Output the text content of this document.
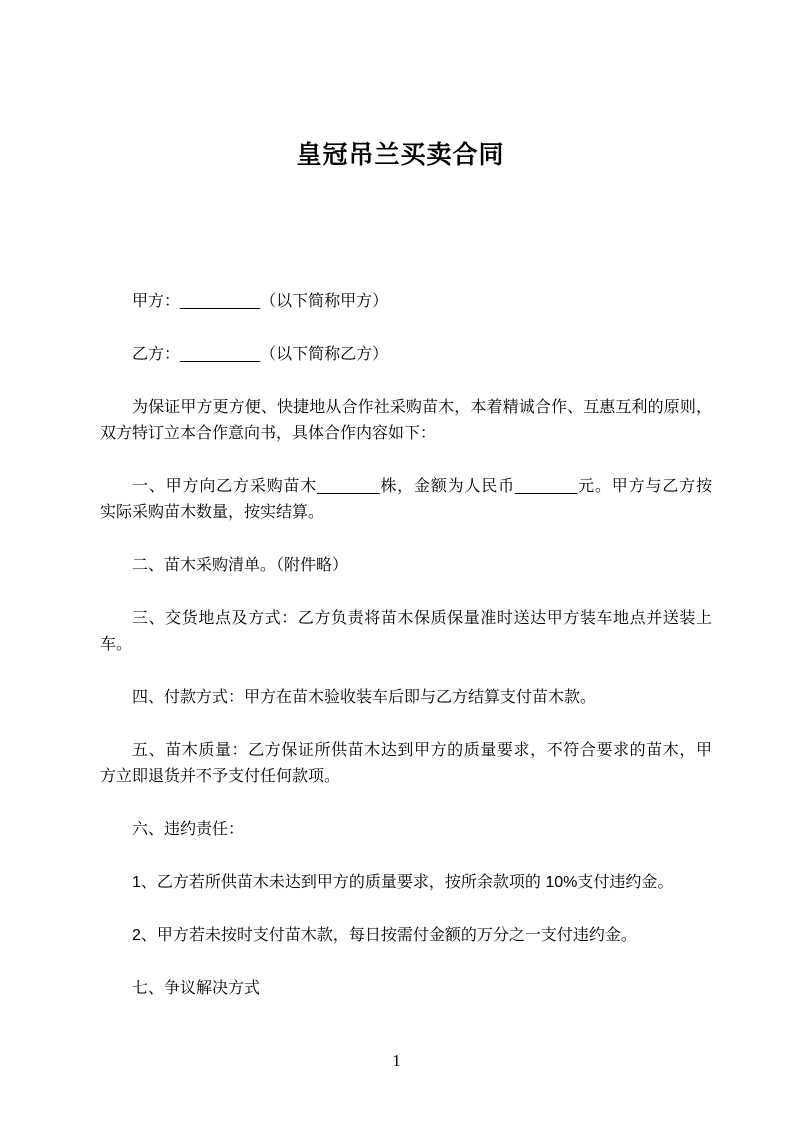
皇冠吊兰买卖合同
甲方：_________（以下简称甲方）
乙方：_________（以下简称乙方）
为保证甲方更方便、快捷地从合作社采购苗木，本着精诚合作、互惠互利的原则，
双方特订立本合作意向书，具体合作内容如下：
一、甲方向乙方采购苗木_______株，金额为人民币_______元。甲方与乙方按
实际采购苗木数量，按实结算。
二、苗木采购清单。（附件略）
三、交货地点及方式：乙方负责将苗木保质保量准时送达甲方装车地点并送装上
车。
四、付款方式：甲方在苗木验收装车后即与乙方结算支付苗木款。
五、苗木质量：乙方保证所供苗木达到甲方的质量要求，不符合要求的苗木，甲
方立即退货并不予支付任何款项。
六、违约责任：
1、乙方若所供苗木未达到甲方的质量要求，按所余款项的 10%支付违约金。
2、甲方若未按时支付苗木款，每日按需付金额的万分之一支付违约金。
七、争议解决方式
1
